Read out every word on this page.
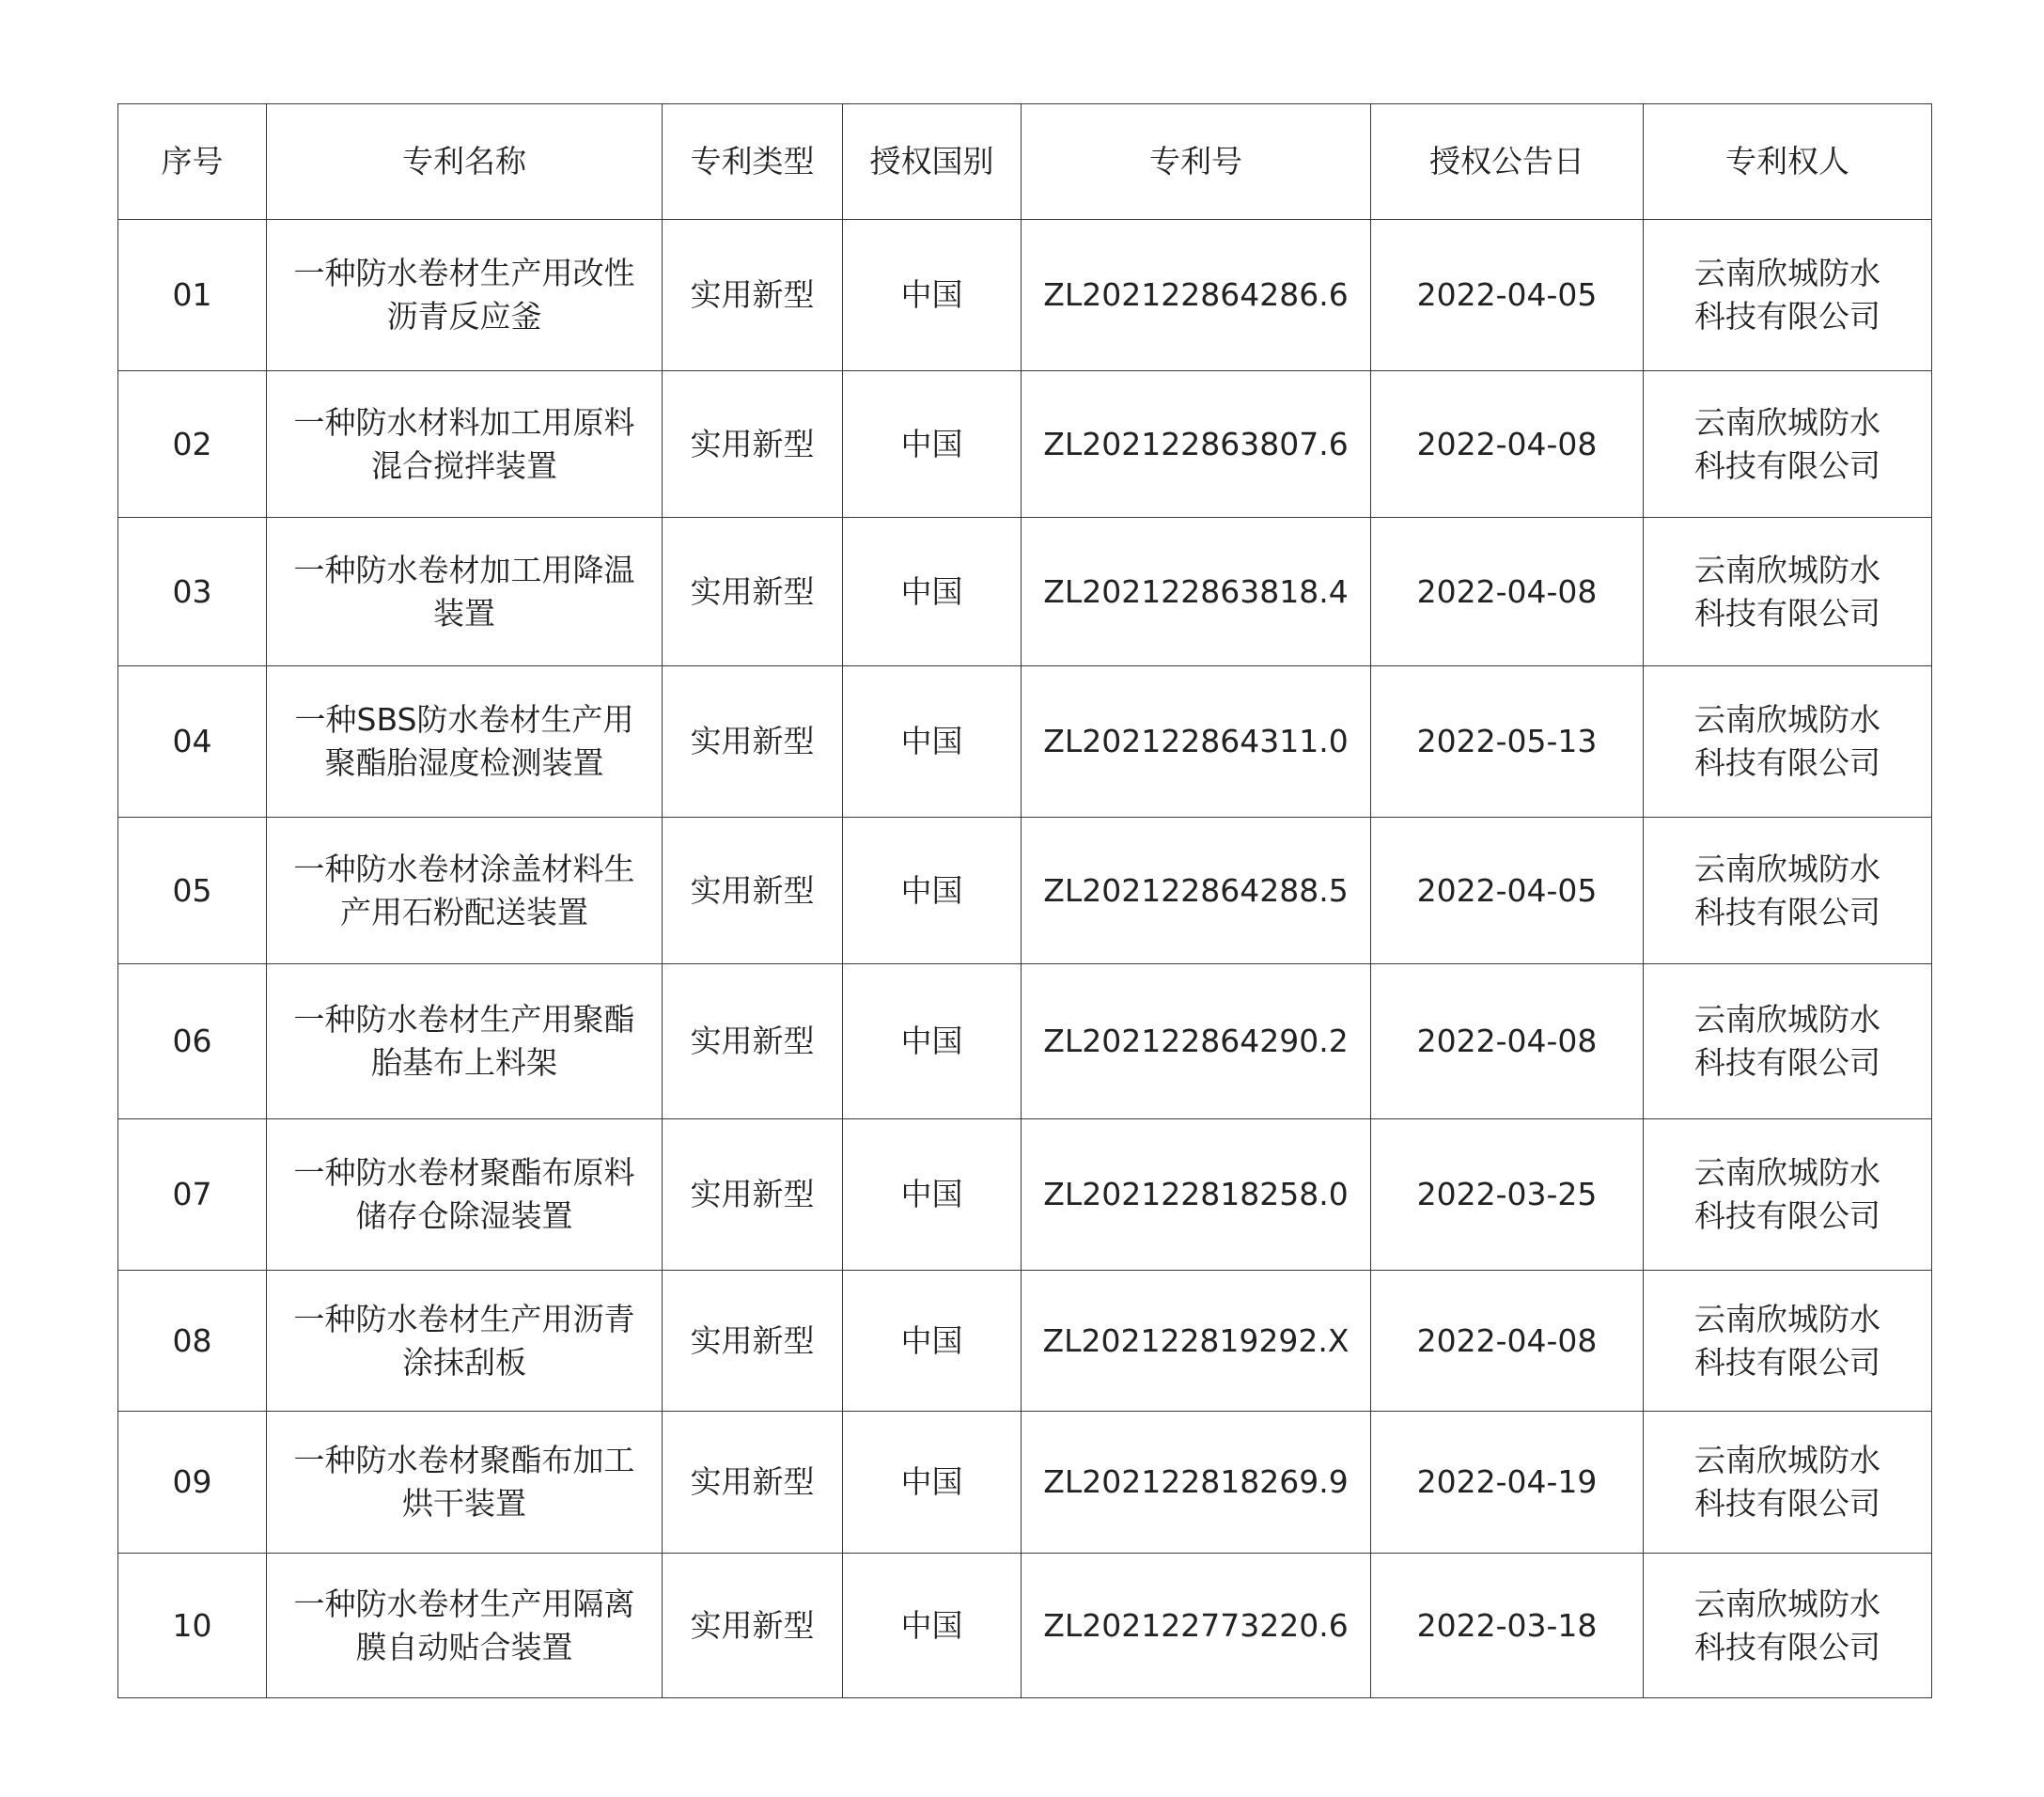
序号	专利名称	专利类型	授权国别	专利号	授权公告日	专利权人
01	一种防水卷材生产用改性沥青反应釜	实用新型	中国	ZL202122864286.6	2022-04-05	云南欣城防水科技有限公司
02	一种防水材料加工用原料混合搅拌装置	实用新型	中国	ZL202122863807.6	2022-04-08	云南欣城防水科技有限公司
03	一种防水卷材加工用降温装置	实用新型	中国	ZL202122863818.4	2022-04-08	云南欣城防水科技有限公司
04	一种SBS防水卷材生产用聚酯胎湿度检测装置	实用新型	中国	ZL202122864311.0	2022-05-13	云南欣城防水科技有限公司
05	一种防水卷材涂盖材料生产用石粉配送装置	实用新型	中国	ZL202122864288.5	2022-04-05	云南欣城防水科技有限公司
06	一种防水卷材生产用聚酯胎基布上料架	实用新型	中国	ZL202122864290.2	2022-04-08	云南欣城防水科技有限公司
07	一种防水卷材聚酯布原料储存仓除湿装置	实用新型	中国	ZL202122818258.0	2022-03-25	云南欣城防水科技有限公司
08	一种防水卷材生产用沥青涂抹刮板	实用新型	中国	ZL202122819292.X	2022-04-08	云南欣城防水科技有限公司
09	一种防水卷材聚酯布加工烘干装置	实用新型	中国	ZL202122818269.9	2022-04-19	云南欣城防水科技有限公司
10	一种防水卷材生产用隔离膜自动贴合装置	实用新型	中国	ZL202122773220.6	2022-03-18	云南欣城防水科技有限公司
